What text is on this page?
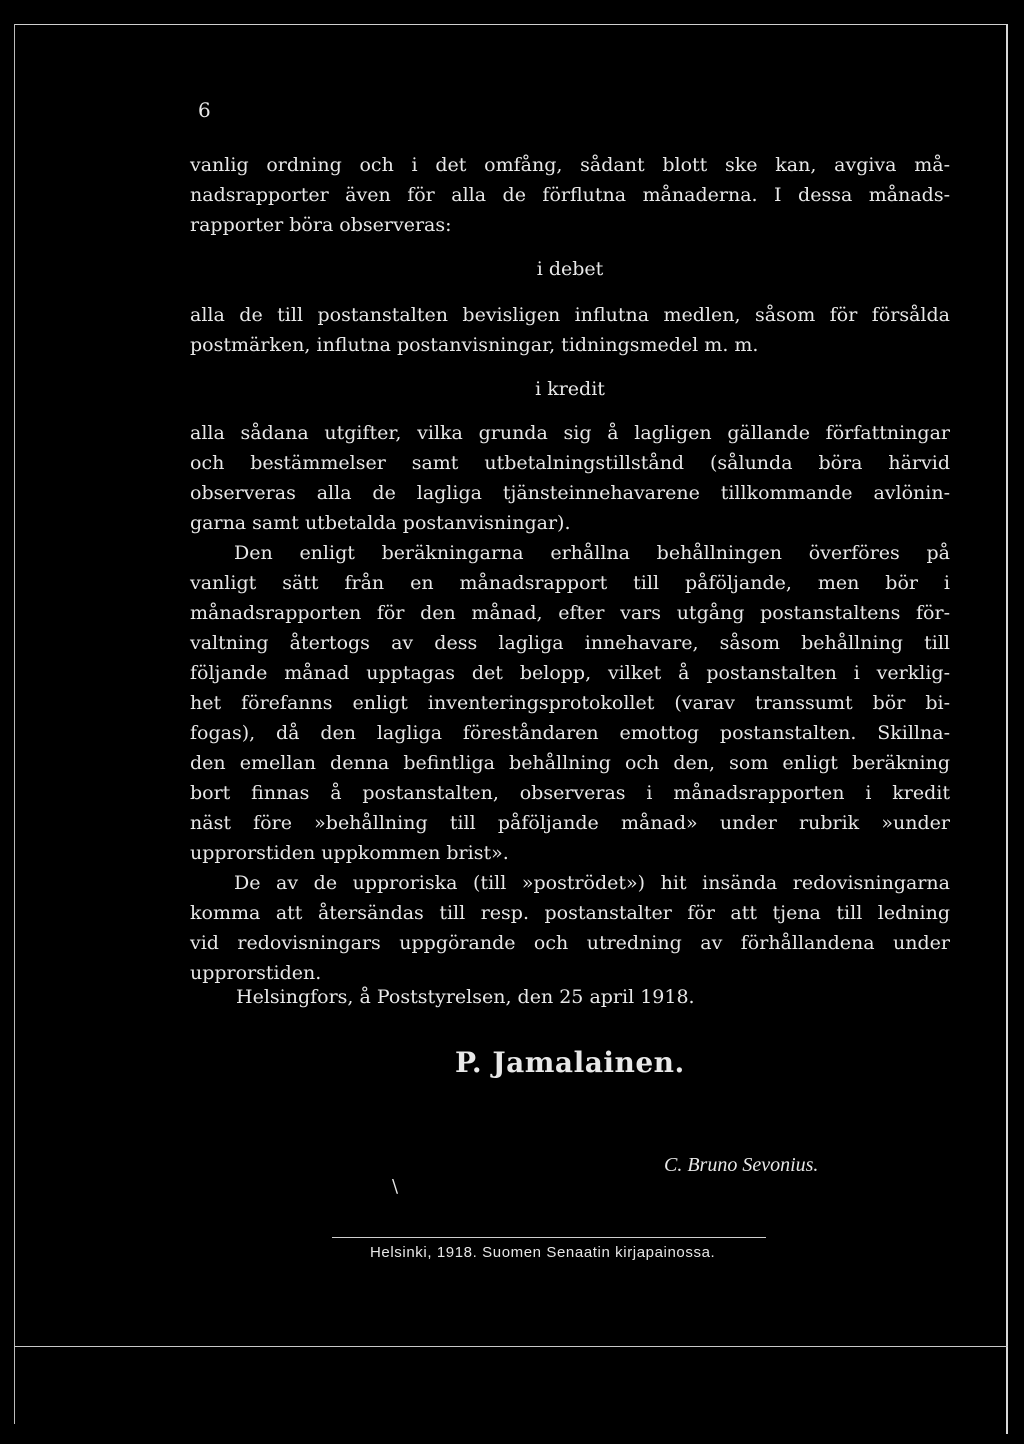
6
vanlig ordning och i det omfång, sådant blott ske kan, avgiva må-
nadsrapporter även för alla de förflutna månaderna. I dessa månads-
rapporter böra observeras:
i debet
alla de till postanstalten bevisligen influtna medlen, såsom för försålda
postmärken, influtna postanvisningar, tidningsmedel m. m.
i kredit
alla sådana utgifter, vilka grunda sig å lagligen gällande författningar
och bestämmelser samt utbetalningstillstånd (sålunda böra härvid
observeras alla de lagliga tjänsteinnehavarene tillkommande avlönin-
garna samt utbetalda postanvisningar).
Den enligt beräkningarna erhållna behållningen överföres på
vanligt sätt från en månadsrapport till påföljande, men bör i
månadsrapporten för den månad, efter vars utgång postanstaltens för-
valtning återtogs av dess lagliga innehavare, såsom behållning till
följande månad upptagas det belopp, vilket å postanstalten i verklig-
het förefanns enligt inventeringsprotokollet (varav transsumt bör bi-
fogas), då den lagliga föreståndaren emottog postanstalten. Skillna-
den emellan denna befintliga behållning och den, som enligt beräkning
bort finnas å postanstalten, observeras i månadsrapporten i kredit
näst före »behållning till påföljande månad» under rubrik »under
upprorstiden uppkommen brist».
De av de upproriska (till »poströdet») hit insända redovisningarna
komma att återsändas till resp. postanstalter för att tjena till ledning
vid redovisningars uppgörande och utredning av förhållandena under
upprorstiden.
Helsingfors, å Poststyrelsen, den 25 april 1918.
P. Jamalainen.
C. Bruno Sevonius.
\
Helsinki, 1918. Suomen Senaatin kirjapainossa.
